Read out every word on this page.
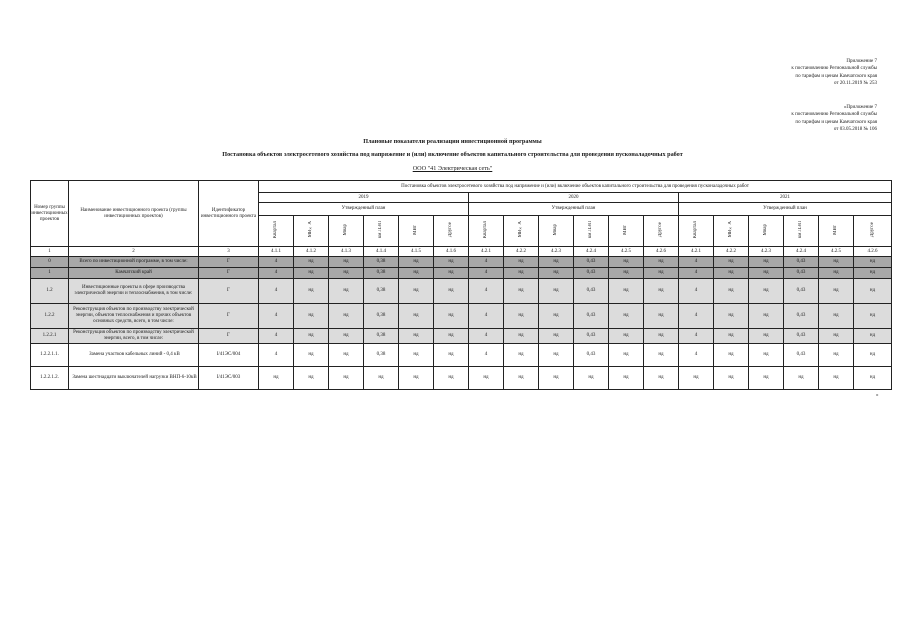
Приложение 7
к постановлению Региональной службы
по тарифам и ценам Камчатского края
от 20.11.2019 № 253
«Приложение 7
к постановлению Региональной службы
по тарифам и ценам Камчатского края
от 03.05.2018 № 106
Плановые показатели реализации инвестиционной программы
Постановка объектов электросетевого хозяйства под напряжение и (или) включение объектов капитального строительства для проведения пусконаладочных работ
ООО "41 Электрическая сеть"
Номер группы инвестиционных проектов	Наименование инвестиционного проекта (группы инвестиционных проектов)	Идентификатор инвестиционного проекта	Постановка объектов электросетевого хозяйства под напряжение и (или) включение объектов капитального строительства для проведения пусконаладочных работ																	
			2019						2020						2021					
			Утвержденный план						Утвержденный план						Утвержденный план					
			Квартал	МВ×А	Мвар	км ЛЭП	МВт	Другое	Квартал	МВ×А	Мвар	км ЛЭП	МВт	Другое	Квартал	МВ×А	Мвар	км ЛЭП	МВт	Другое
1	2	3	4.1.1	4.1.2	4.1.3	4.1.4	4.1.5	4.1.6	4.2.1	4.2.2	4.2.3	4.2.4	4.2.5	4.2.6	4.2.1	4.2.2	4.2.3	4.2.4	4.2.5	4.2.6
0	Всего по инвестиционной программе, в том числе:	Г	4	нд	нд	0,38	нд	нд	4	нд	нд	0,43	нд	нд	4	нд	нд	0,43	нд	нд
1	Камчатский край	Г	4	нд	нд	0,38	нд	нд	4	нд	нд	0,43	нд	нд	4	нд	нд	0,43	нд	нд
1.2	Инвестиционные проекты в сфере производства электрической энергии и теплоснабжения, в том числе:	Г	4	нд	нд	0,38	нд	нд	4	нд	нд	0,43	нд	нд	4	нд	нд	0,43	нд	нд
1.2.2	Реконструкция объектов по производству электрической энергии, объектов теплоснабжения и прочих объектов основных средств, всего, в том числе:	Г	4	нд	нд	0,38	нд	нд	4	нд	нд	0,43	нд	нд	4	нд	нд	0,43	нд	нд
1.2.2.1	Реконструкция объектов по производству электрической энергии, всего, в том числе:	Г	4	нд	нд	0,38	нд	нд	4	нд	нд	0,43	нд	нд	4	нд	нд	0,43	нд	нд
1.2.2.1.1.	Замена участков кабельных линий - 0,4 кВ	I/41ЭС/004	4	нд	нд	0,38	нд	нд	4	нд	нд	0,43	нд	нд	4	нд	нд	0,43	нд	нд
1.2.2.1.2.	Замена шестнадцати выключателей нагрузки ВНП-6-10кВ	I/41ЭС/003	нд	нд	нд	нд	нд	нд	нд	нд	нд	нд	нд	нд	нд	нд	нд	нд	нд	нд
»
